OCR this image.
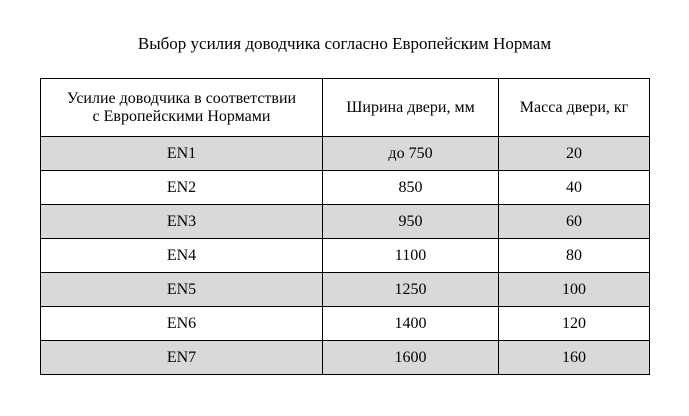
Выбор усилия доводчика согласно Европейским Нормам
Усилие доводчика в соответствии
с Европейскими Нормами	Ширина двери, мм	Масса двери, кг
EN1	до 750	20
EN2	850	40
EN3	950	60
EN4	1100	80
EN5	1250	100
EN6	1400	120
EN7	1600	160
